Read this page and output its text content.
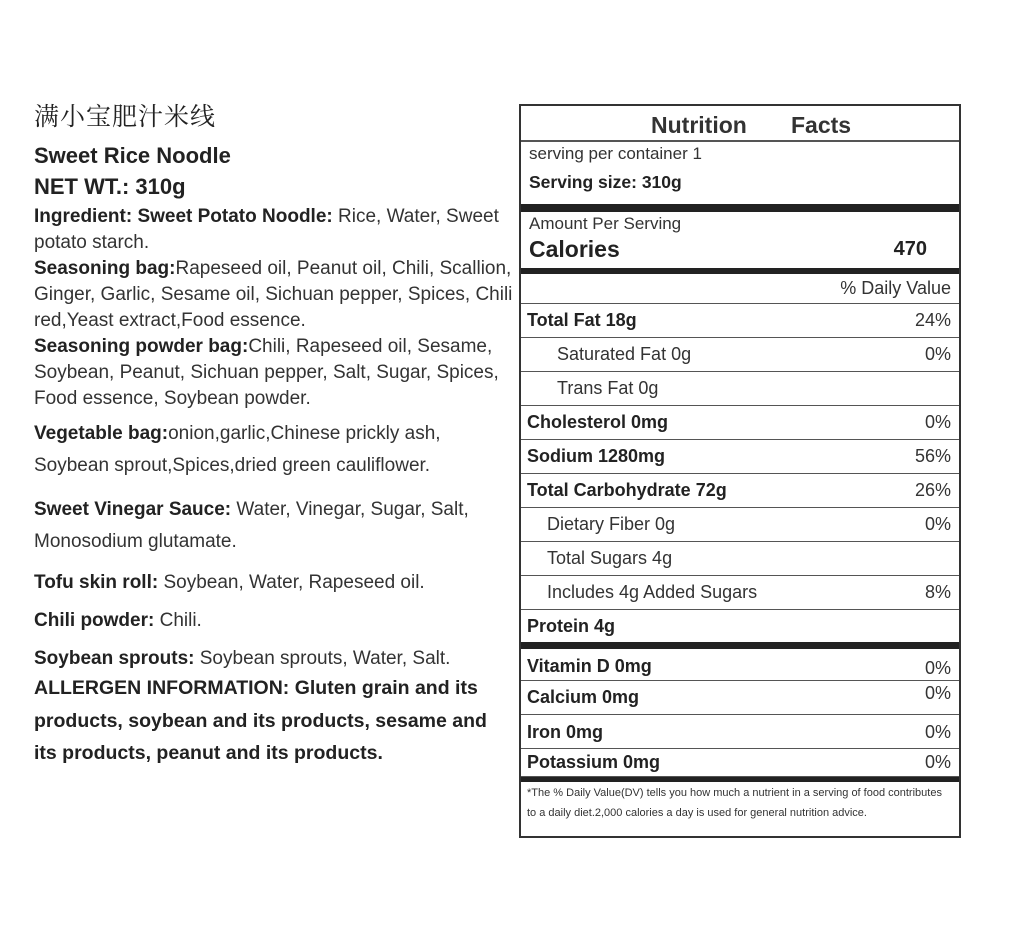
满小宝肥汁米线

Sweet Rice Noodle

NET WT.: 310g

Ingredient: Sweet Potato Noodle: Rice, Water, Sweet potato starch.

Seasoning bag:Rapeseed oil, Peanut oil, Chili, Scallion, Ginger, Garlic, Sesame oil, Sichuan pepper, Spices, Chili red,Yeast extract,Food essence.

Seasoning powder bag:Chili, Rapeseed oil, Sesame, Soybean, Peanut, Sichuan pepper, Salt, Sugar, Spices, Food essence, Soybean powder.

Vegetable bag:onion,garlic,Chinese prickly ash, Soybean sprout,Spices,dried green cauliflower.

Sweet Vinegar Sauce: Water, Vinegar, Sugar, Salt, Monosodium glutamate.

Tofu skin roll: Soybean, Water, Rapeseed oil.

Chili powder: Chili.

Soybean sprouts: Soybean sprouts, Water, Salt.

ALLERGEN INFORMATION: Gluten grain and its products, soybean and its products, sesame and its products, peanut and its products.

Nutrition Facts
serving per container 1
Serving size: 310g
Amount Per Serving
Calories	470
% Daily Value
Total Fat 18g	24%
Saturated Fat 0g	0%
Trans Fat 0g
Cholesterol 0mg	0%
Sodium 1280mg	56%
Total Carbohydrate 72g	26%
Dietary Fiber 0g	0%
Total Sugars 4g
Includes 4g Added Sugars	8%
Protein 4g
Vitamin D 0mg	0%
Calcium 0mg	0%
Iron 0mg	0%
Potassium 0mg	0%
*The % Daily Value(DV) tells you how much a nutrient in a serving of food contributes to a daily diet.2,000 calories a day is used for general nutrition advice.
